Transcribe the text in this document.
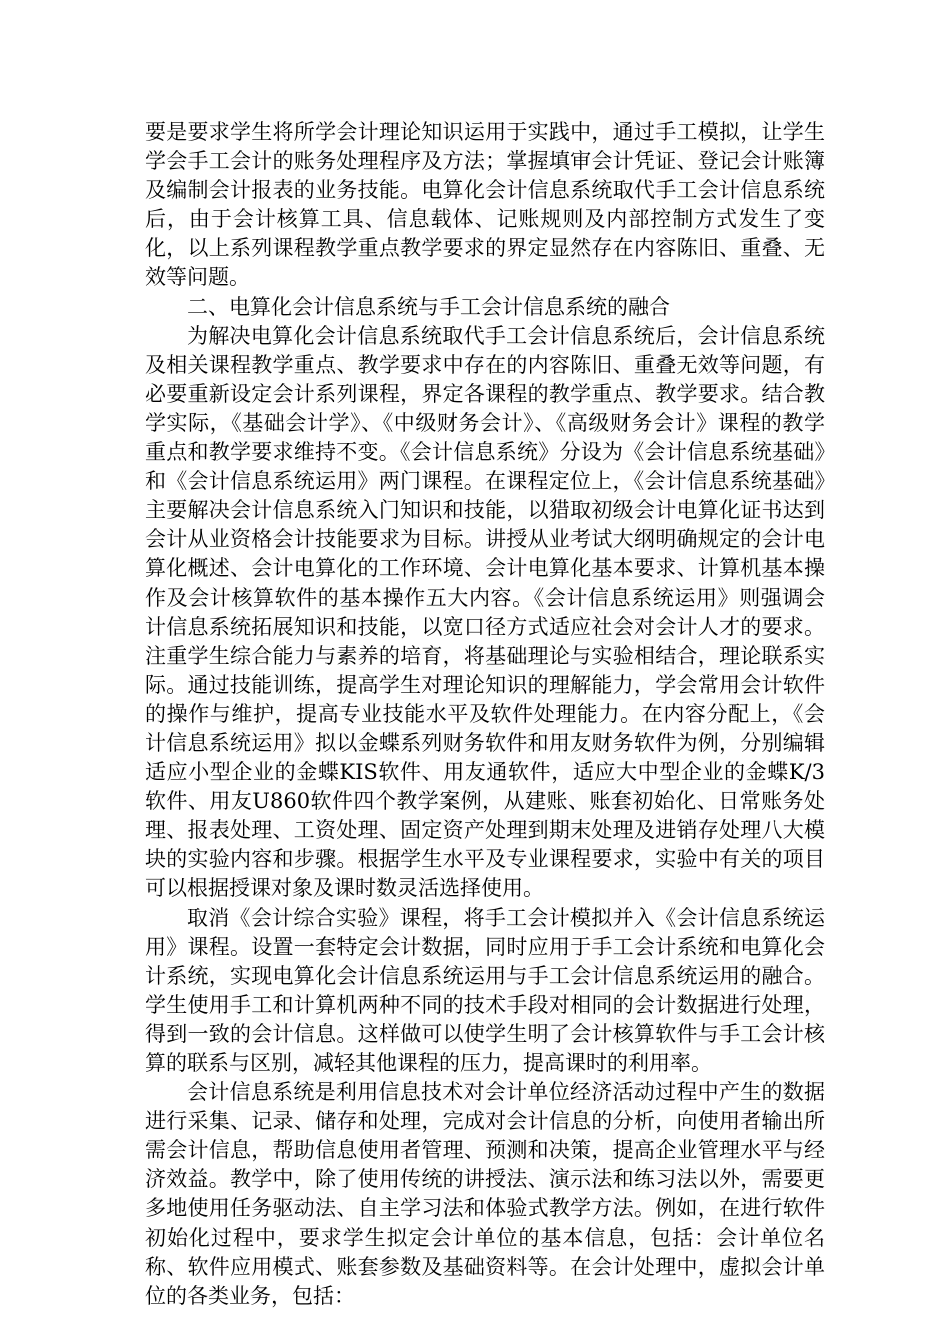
要是要求学生将所学会计理论知识运用于实践中，通过手工模拟，让学生学会手工会计的账务处理程序及方法；掌握填审会计凭证、登记会计账簿及编制会计报表的业务技能。电算化会计信息系统取代手工会计信息系统后，由于会计核算工具、信息载体、记账规则及内部控制方式发生了变化，以上系列课程教学重点教学要求的界定显然存在内容陈旧、重叠、无效等问题。

二、电算化会计信息系统与手工会计信息系统的融合

为解决电算化会计信息系统取代手工会计信息系统后，会计信息系统及相关课程教学重点、教学要求中存在的内容陈旧、重叠无效等问题，有必要重新设定会计系列课程，界定各课程的教学重点、教学要求。结合教学实际，《基础会计学》、《中级财务会计》、《高级财务会计》课程的教学重点和教学要求维持不变。《会计信息系统》分设为《会计信息系统基础》和《会计信息系统运用》两门课程。在课程定位上，《会计信息系统基础》主要解决会计信息系统入门知识和技能，以猎取初级会计电算化证书达到会计从业资格会计技能要求为目标。讲授从业考试大纲明确规定的会计电算化概述、会计电算化的工作环境、会计电算化基本要求、计算机基本操作及会计核算软件的基本操作五大内容。《会计信息系统运用》则强调会计信息系统拓展知识和技能，以宽口径方式适应社会对会计人才的要求。注重学生综合能力与素养的培育，将基础理论与实验相结合，理论联系实际。通过技能训练，提高学生对理论知识的理解能力，学会常用会计软件的操作与维护，提高专业技能水平及软件处理能力。在内容分配上，《会计信息系统运用》拟以金蝶系列财务软件和用友财务软件为例，分别编辑适应小型企业的金蝶KIS软件、用友通软件，适应大中型企业的金蝶K/3软件、用友U860软件四个教学案例，从建账、账套初始化、日常账务处理、报表处理、工资处理、固定资产处理到期末处理及进销存处理八大模块的实验内容和步骤。根据学生水平及专业课程要求，实验中有关的项目可以根据授课对象及课时数灵活选择使用。

取消《会计综合实验》课程，将手工会计模拟并入《会计信息系统运用》课程。设置一套特定会计数据，同时应用于手工会计系统和电算化会计系统，实现电算化会计信息系统运用与手工会计信息系统运用的融合。学生使用手工和计算机两种不同的技术手段对相同的会计数据进行处理，得到一致的会计信息。这样做可以使学生明了会计核算软件与手工会计核算的联系与区别，减轻其他课程的压力，提高课时的利用率。

会计信息系统是利用信息技术对会计单位经济活动过程中产生的数据进行采集、记录、储存和处理，完成对会计信息的分析，向使用者输出所需会计信息，帮助信息使用者管理、预测和决策，提高企业管理水平与经济效益。教学中，除了使用传统的讲授法、演示法和练习法以外，需要更多地使用任务驱动法、自主学习法和体验式教学方法。例如，在进行软件初始化过程中，要求学生拟定会计单位的基本信息，包括：会计单位名称、软件应用模式、账套参数及基础资料等。在会计处理中，虚拟会计单位的各类业务，包括：
